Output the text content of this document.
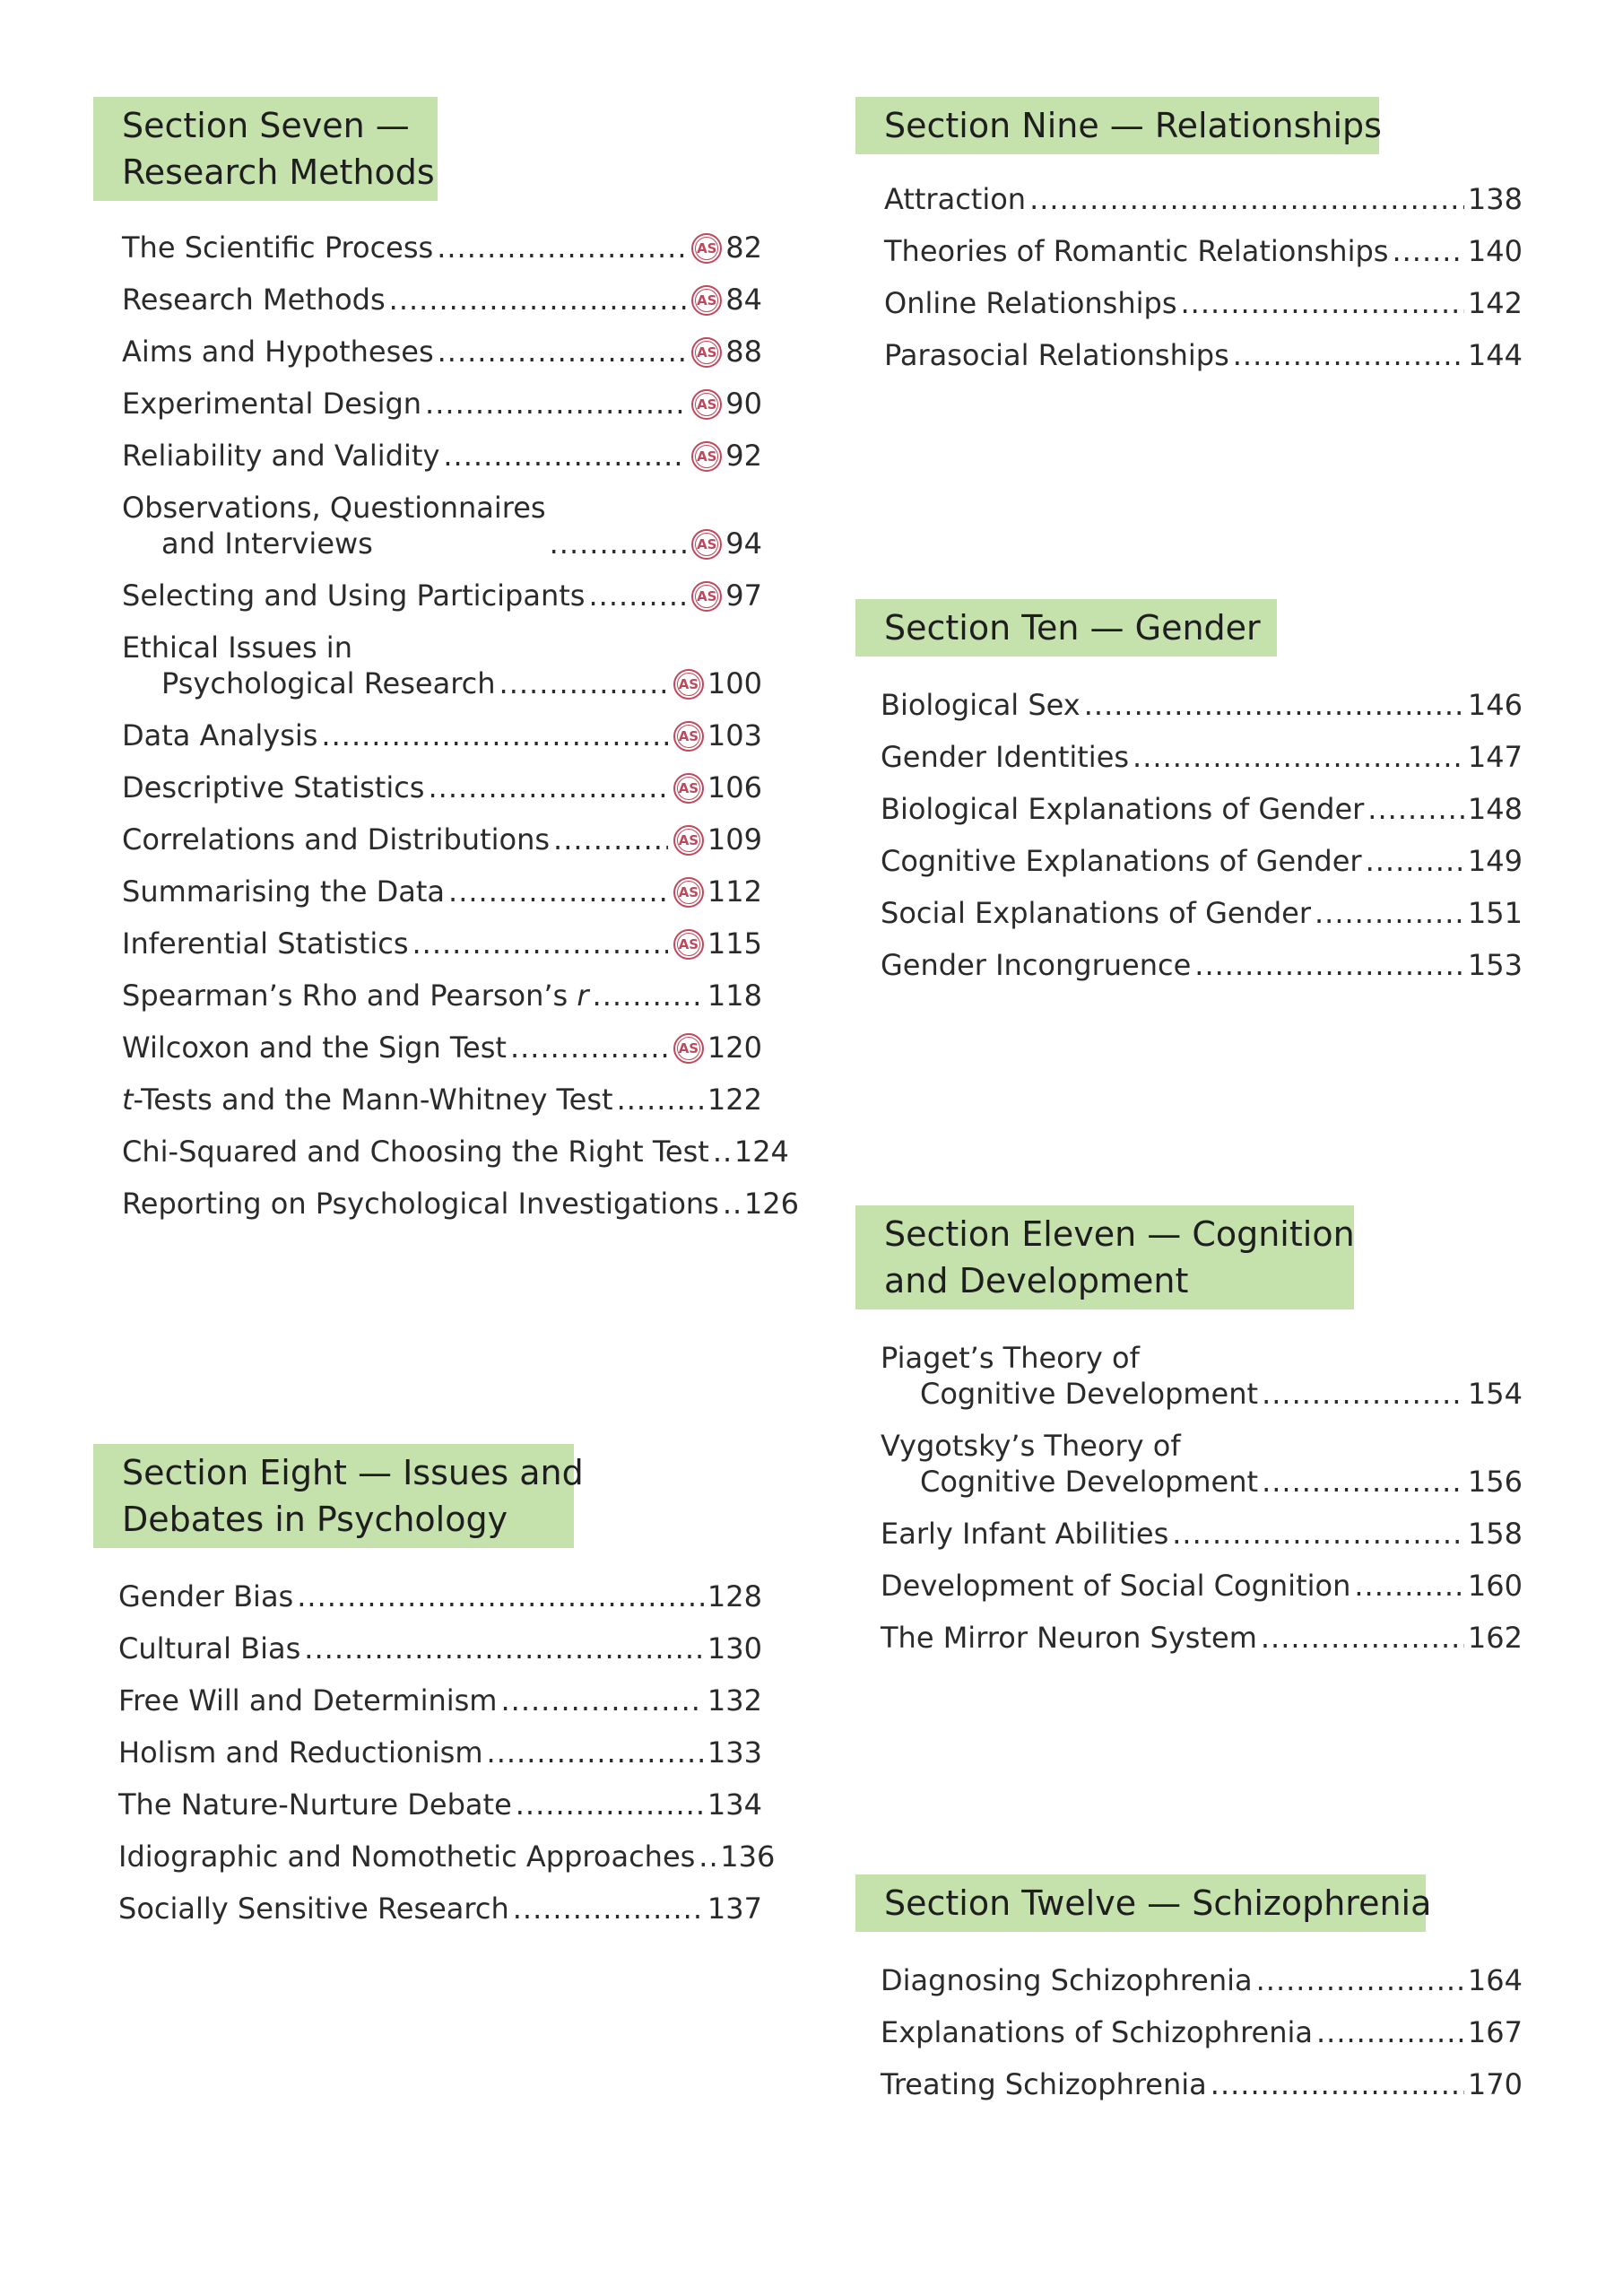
Section Seven —
Research Methods
The Scientific Process .....	AS 82
Research Methods .....	AS 84
Aims and Hypotheses .....	AS 88
Experimental Design .....	AS 90
Reliability and Validity .....	AS 92
Observations, Questionnaires
and Interviews .....	AS 94
Selecting and Using Participants .....	AS 97
Ethical Issues in
Psychological Research .....	AS 100
Data Analysis .....	AS 103
Descriptive Statistics .....	AS 106
Correlations and Distributions .....	AS 109
Summarising the Data .....	AS 112
Inferential Statistics .....	AS 115
Spearman’s Rho and Pearson’s r .....	118
Wilcoxon and the Sign Test .....	AS 120
t-Tests and the Mann-Whitney Test .....	122
Chi-Squared and Choosing the Right Test ..... 124
Reporting on Psychological Investigations ..... 126
Section Eight — Issues and
Debates in Psychology
Gender Bias .....	128
Cultural Bias .....	130
Free Will and Determinism .....	132
Holism and Reductionism .....	133
The Nature-Nurture Debate .....	134
Idiographic and Nomothetic Approaches ..... 136
Socially Sensitive Research .....	137
Section Nine — Relationships
Attraction .....	138
Theories of Romantic Relationships .....	140
Online Relationships .....	142
Parasocial Relationships .....	144
Section Ten — Gender
Biological Sex .....	146
Gender Identities .....	147
Biological Explanations of Gender .....	148
Cognitive Explanations of Gender .....	149
Social Explanations of Gender .....	151
Gender Incongruence .....	153
Section Eleven — Cognition
and Development
Piaget’s Theory of
Cognitive Development .....	154
Vygotsky’s Theory of
Cognitive Development .....	156
Early Infant Abilities .....	158
Development of Social Cognition .....	160
The Mirror Neuron System .....	162
Section Twelve — Schizophrenia
Diagnosing Schizophrenia .....	164
Explanations of Schizophrenia .....	167
Treating Schizophrenia .....	170
